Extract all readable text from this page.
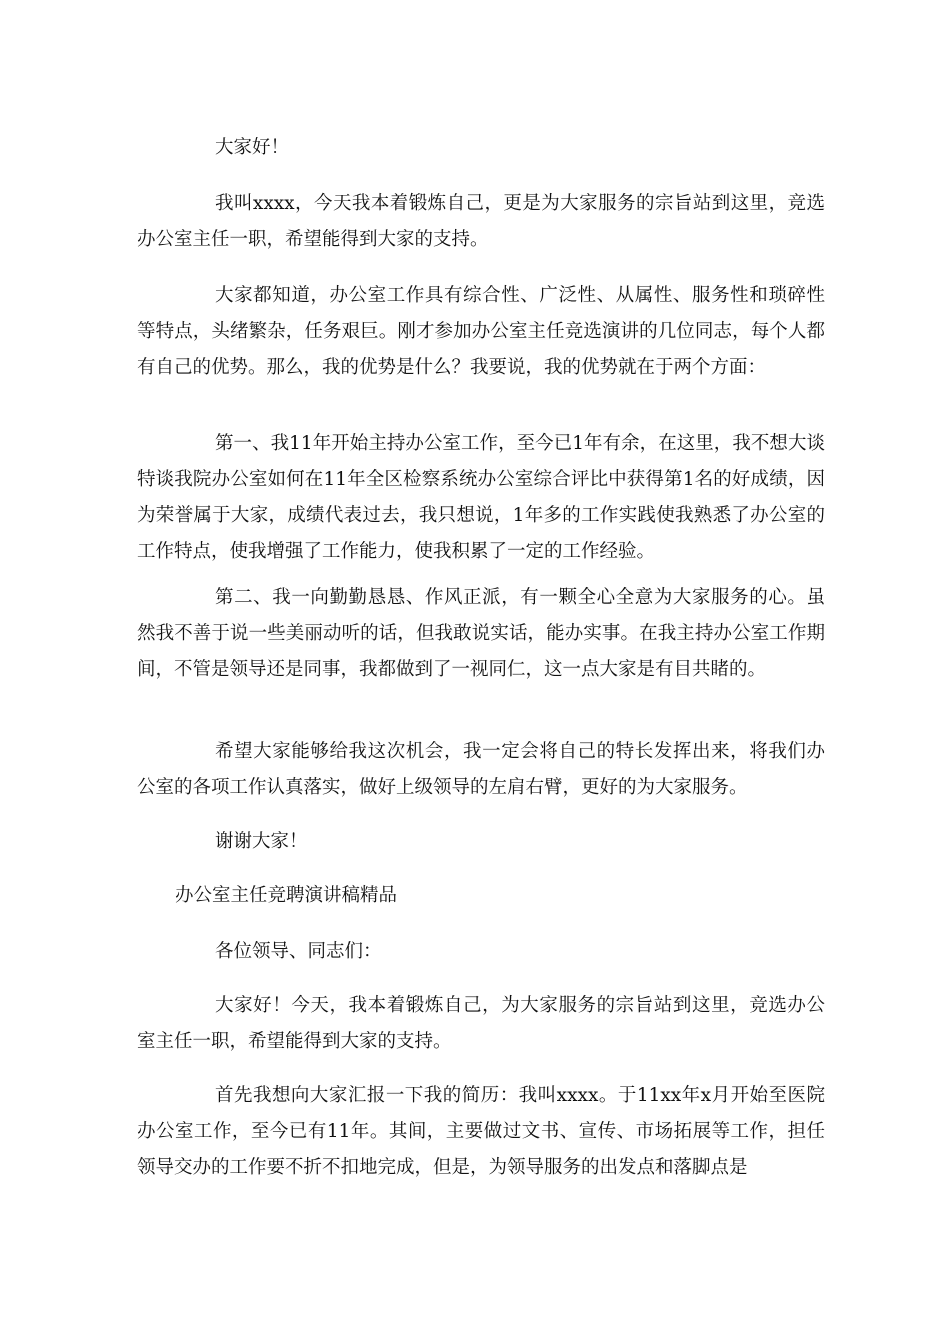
大家好！

我叫xxxx，今天我本着锻炼自己，更是为大家服务的宗旨站到这里，竞选办公室主任一职，希望能得到大家的支持。

大家都知道，办公室工作具有综合性、广泛性、从属性、服务性和琐碎性等特点，头绪繁杂，任务艰巨。刚才参加办公室主任竞选演讲的几位同志，每个人都有自己的优势。那么，我的优势是什么？我要说，我的优势就在于两个方面：

第一、我11年开始主持办公室工作，至今已1年有余，在这里，我不想大谈特谈我院办公室如何在11年全区检察系统办公室综合评比中获得第1名的好成绩，因为荣誉属于大家，成绩代表过去，我只想说，1年多的工作实践使我熟悉了办公室的工作特点，使我增强了工作能力，使我积累了一定的工作经验。

第二、我一向勤勤恳恳、作风正派，有一颗全心全意为大家服务的心。虽然我不善于说一些美丽动听的话，但我敢说实话，能办实事。在我主持办公室工作期间，不管是领导还是同事，我都做到了一视同仁，这一点大家是有目共睹的。

希望大家能够给我这次机会，我一定会将自己的特长发挥出来，将我们办公室的各项工作认真落实，做好上级领导的左肩右臂，更好的为大家服务。

谢谢大家！

办公室主任竞聘演讲稿精品

各位领导、同志们：

大家好！今天，我本着锻炼自己，为大家服务的宗旨站到这里，竞选办公室主任一职，希望能得到大家的支持。

首先我想向大家汇报一下我的简历：我叫xxxx。于11xx年x月开始至医院办公室工作，至今已有11年。其间，主要做过文书、宣传、市场拓展等工作，担任领导交办的工作要不折不扣地完成，但是，为领导服务的出发点和落脚点是
